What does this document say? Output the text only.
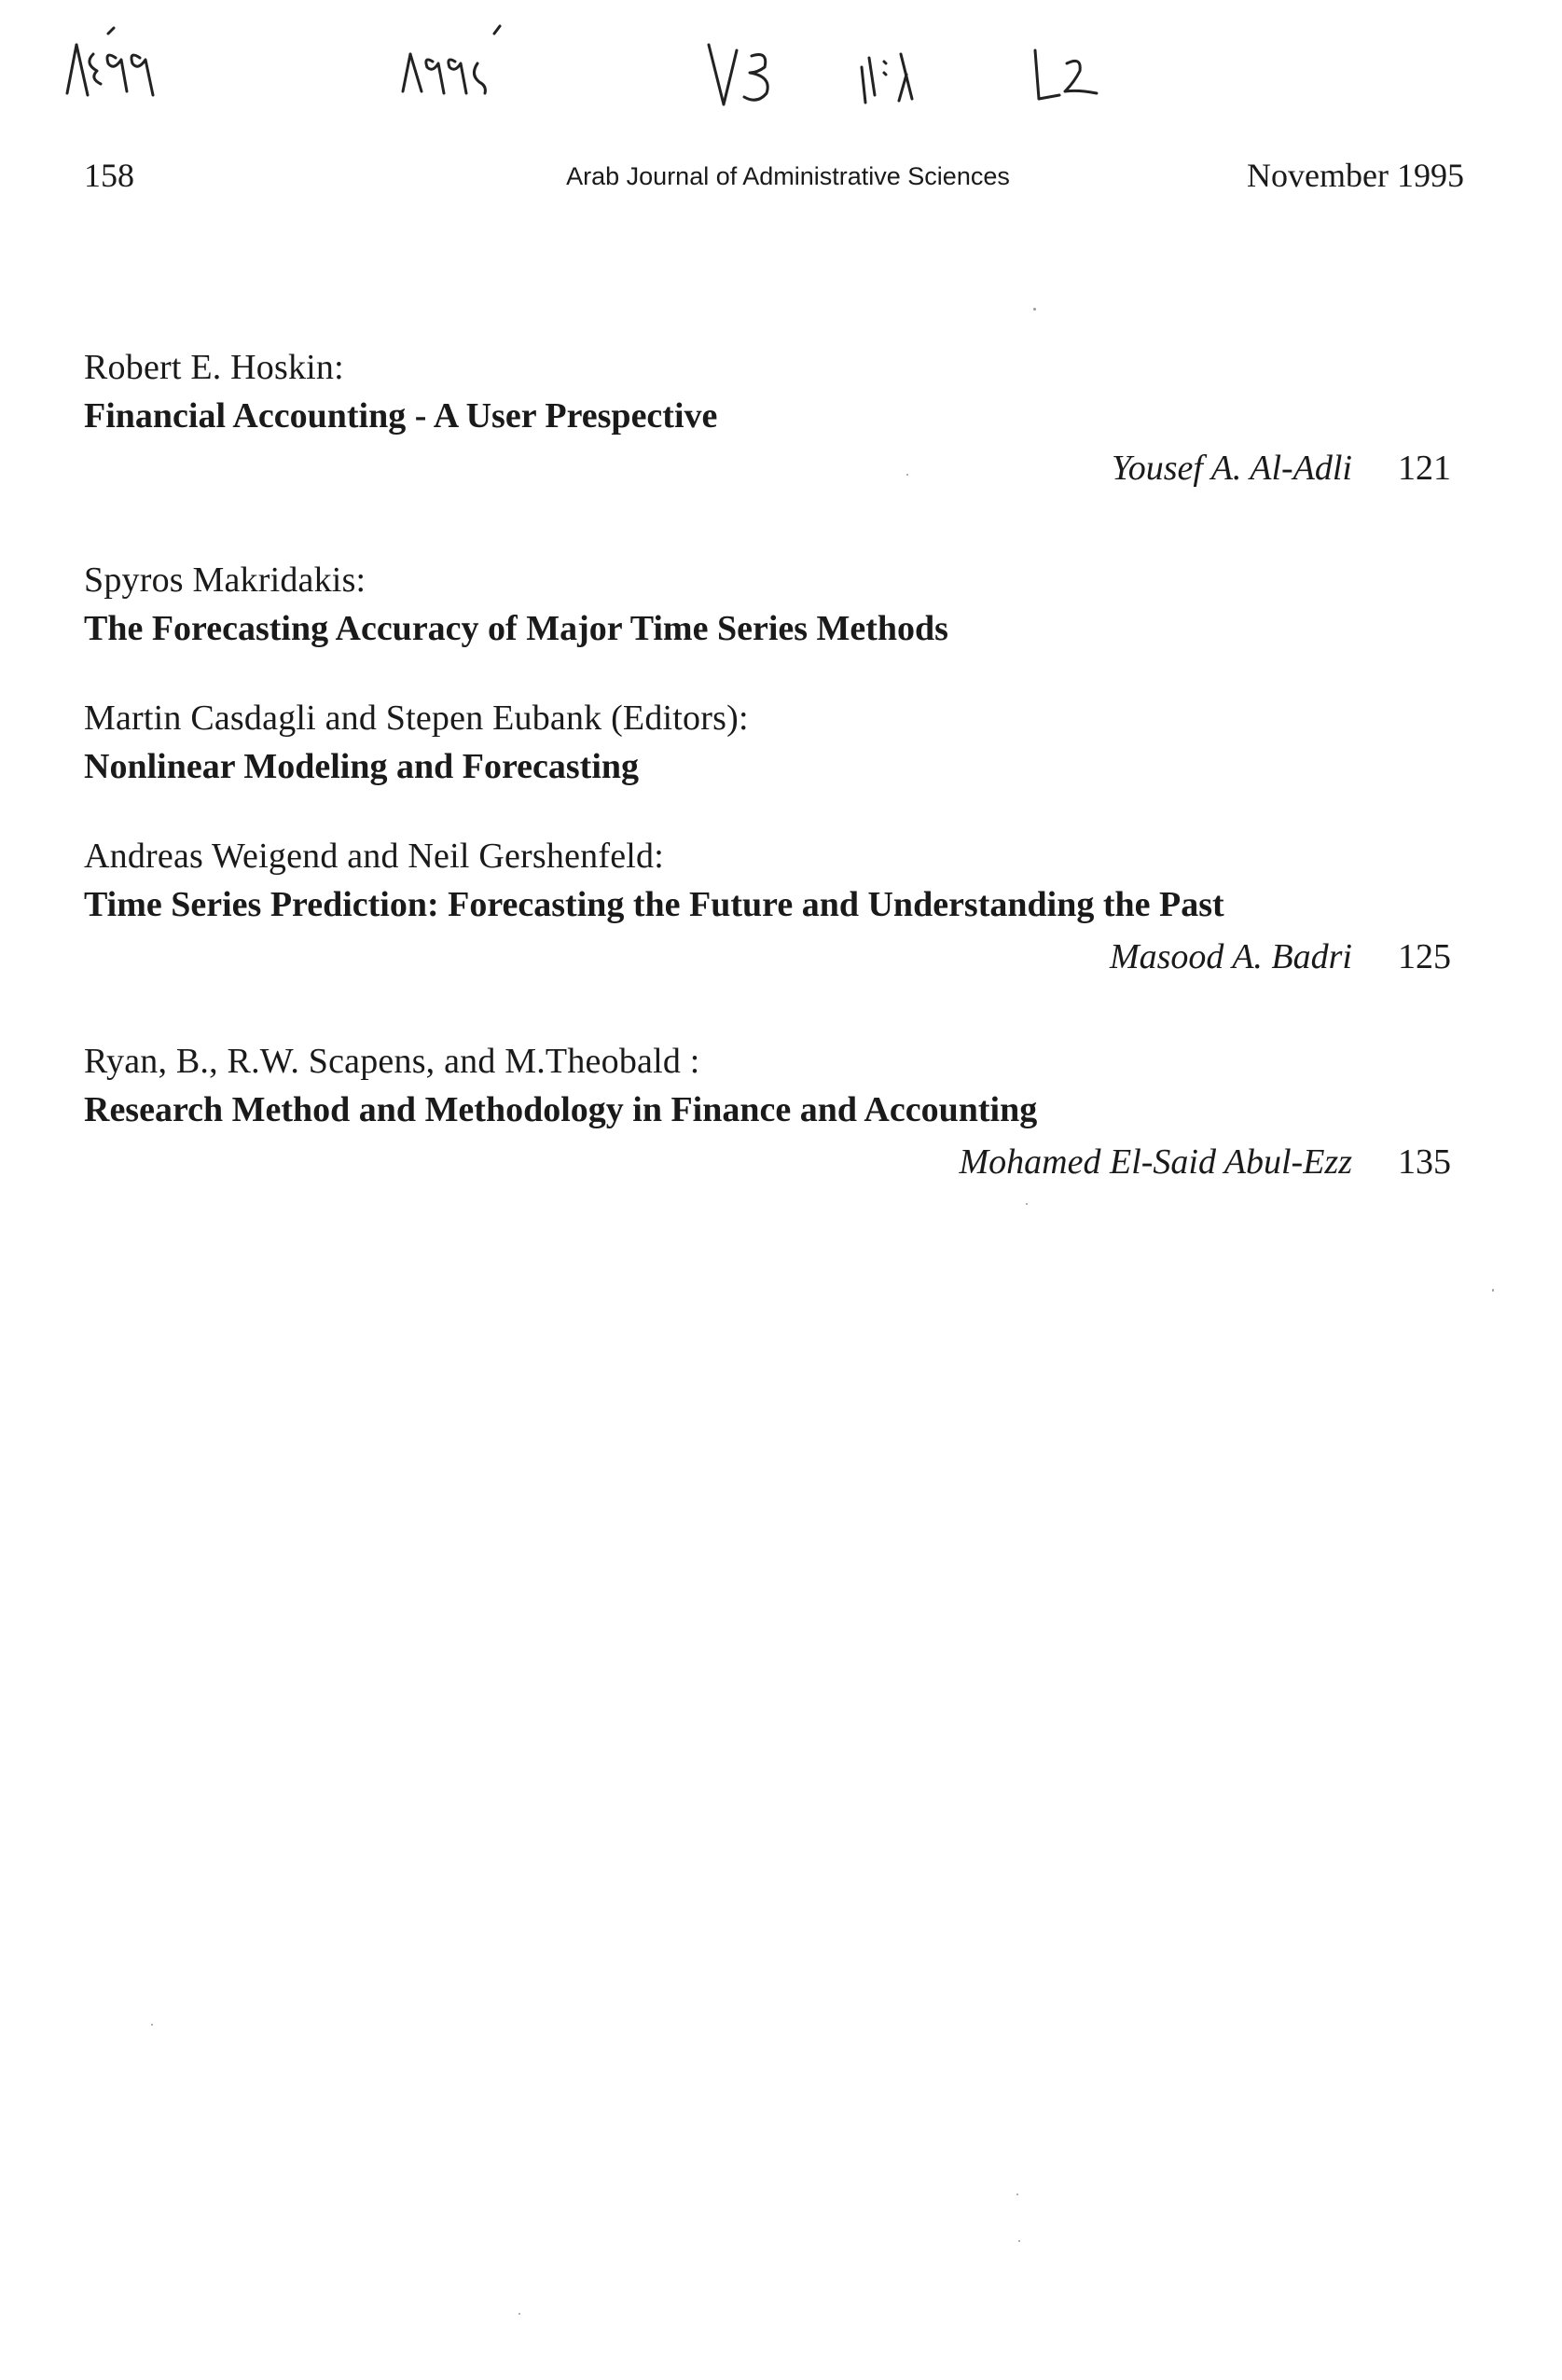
158	Arab Journal of Administrative Sciences	November 1995
Robert E. Hoskin:
Financial Accounting - A User Prespective
Yousef A. Al-Adli	121
Spyros Makridakis:
The Forecasting Accuracy of Major Time Series Methods
Martin Casdagli and Stepen Eubank (Editors):
Nonlinear Modeling and Forecasting
Andreas Weigend and Neil Gershenfeld:
Time Series Prediction: Forecasting the Future and Understanding the Past
Masood A. Badri	125
Ryan, B., R.W. Scapens, and M.Theobald :
Research Method and Methodology in Finance and Accounting
Mohamed El-Said Abul-Ezz	135
